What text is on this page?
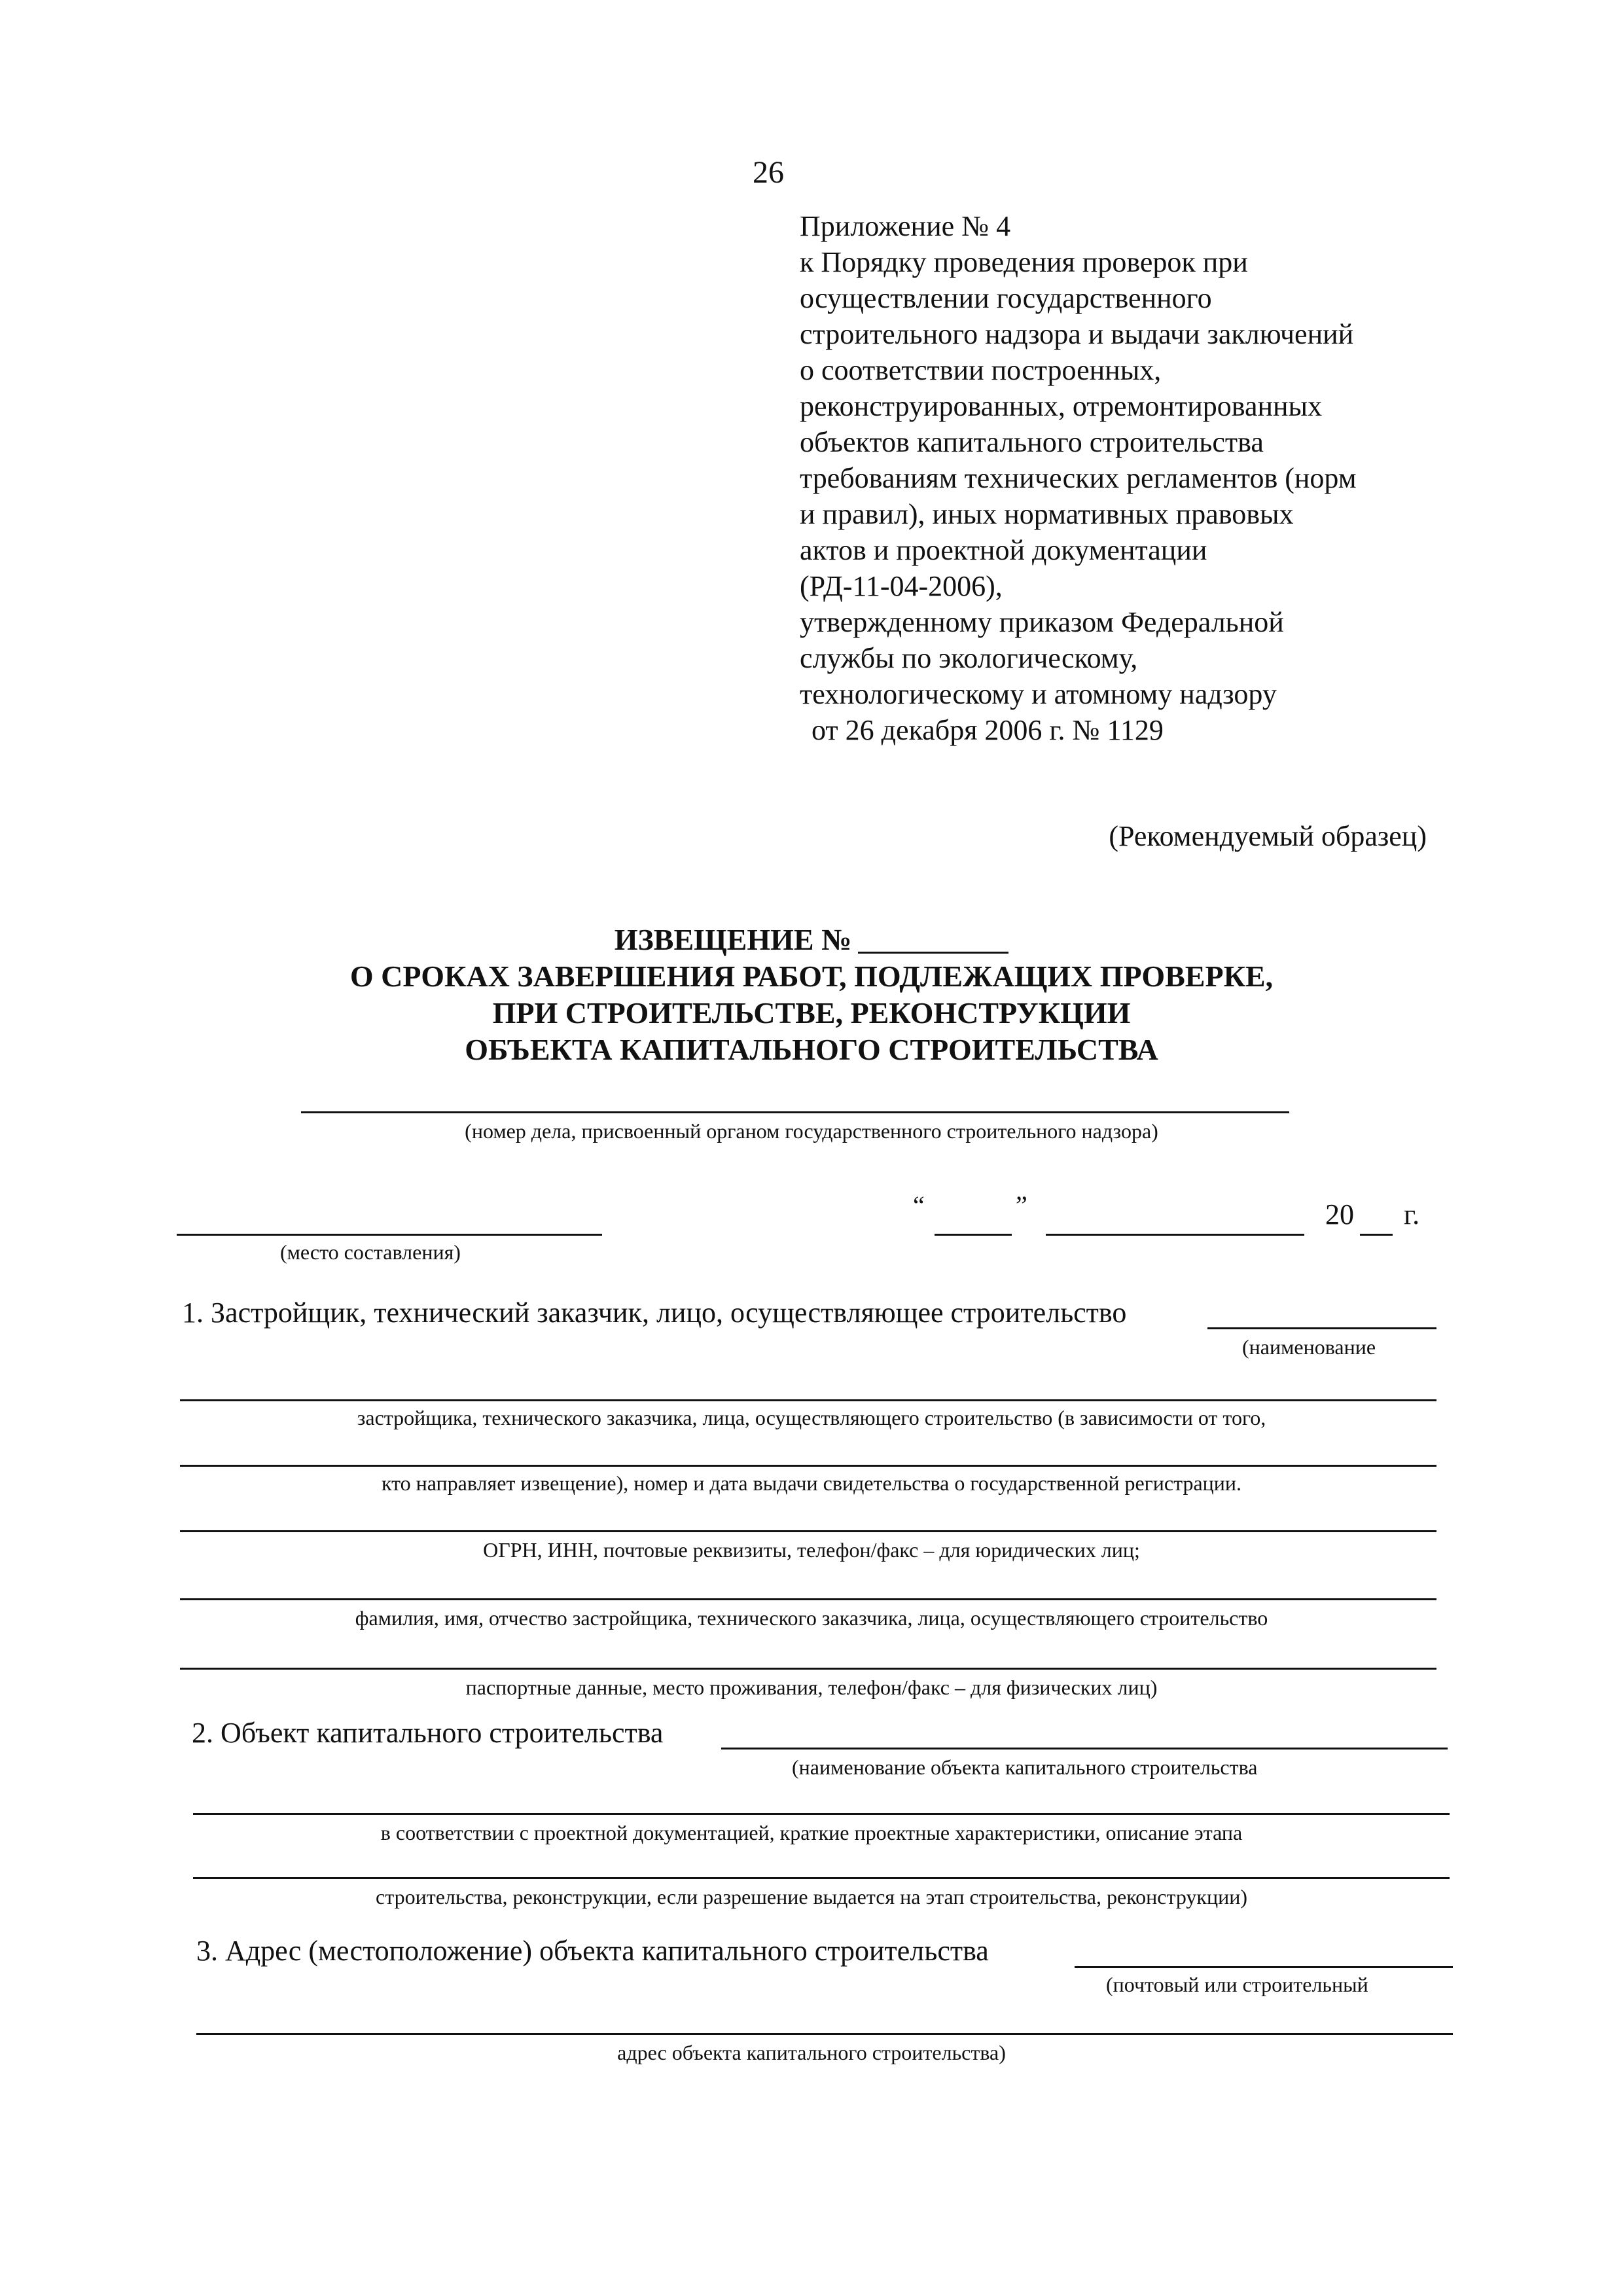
26
Приложение № 4
к Порядку проведения проверок при
осуществлении государственного
строительного надзора и выдачи заключений
о соответствии построенных,
реконструированных, отремонтированных
объектов капитального строительства
требованиям технических регламентов (норм
и правил), иных нормативных правовых
актов и проектной документации
(РД-11-04-2006),
утвержденному приказом Федеральной
службы по экологическому,
технологическому и атомному надзору
от 26 декабря 2006 г. № 1129
(Рекомендуемый образец)
ИЗВЕЩЕНИЕ №
О СРОКАХ ЗАВЕРШЕНИЯ РАБОТ, ПОДЛЕЖАЩИХ ПРОВЕРКЕ,
ПРИ СТРОИТЕЛЬСТВЕ, РЕКОНСТРУКЦИИ
ОБЪЕКТА КАПИТАЛЬНОГО СТРОИТЕЛЬСТВА
(номер дела, присвоенный органом государственного строительного надзора)
(место составления)
“	”	20 г.
1. Застройщик, технический заказчик, лицо, осуществляющее строительство
(наименование
застройщика, технического заказчика, лица, осуществляющего строительство (в зависимости от того,
кто направляет извещение), номер и дата выдачи свидетельства о государственной регистрации.
ОГРН, ИНН, почтовые реквизиты, телефон/факс – для юридических лиц;
фамилия, имя, отчество застройщика, технического заказчика, лица, осуществляющего строительство
паспортные данные, место проживания, телефон/факс – для физических лиц)
2. Объект капитального строительства
(наименование объекта капитального строительства
в соответствии с проектной документацией, краткие проектные характеристики, описание этапа
строительства, реконструкции, если разрешение выдается на этап строительства, реконструкции)
3. Адрес (местоположение) объекта капитального строительства
(почтовый или строительный
адрес объекта капитального строительства)
